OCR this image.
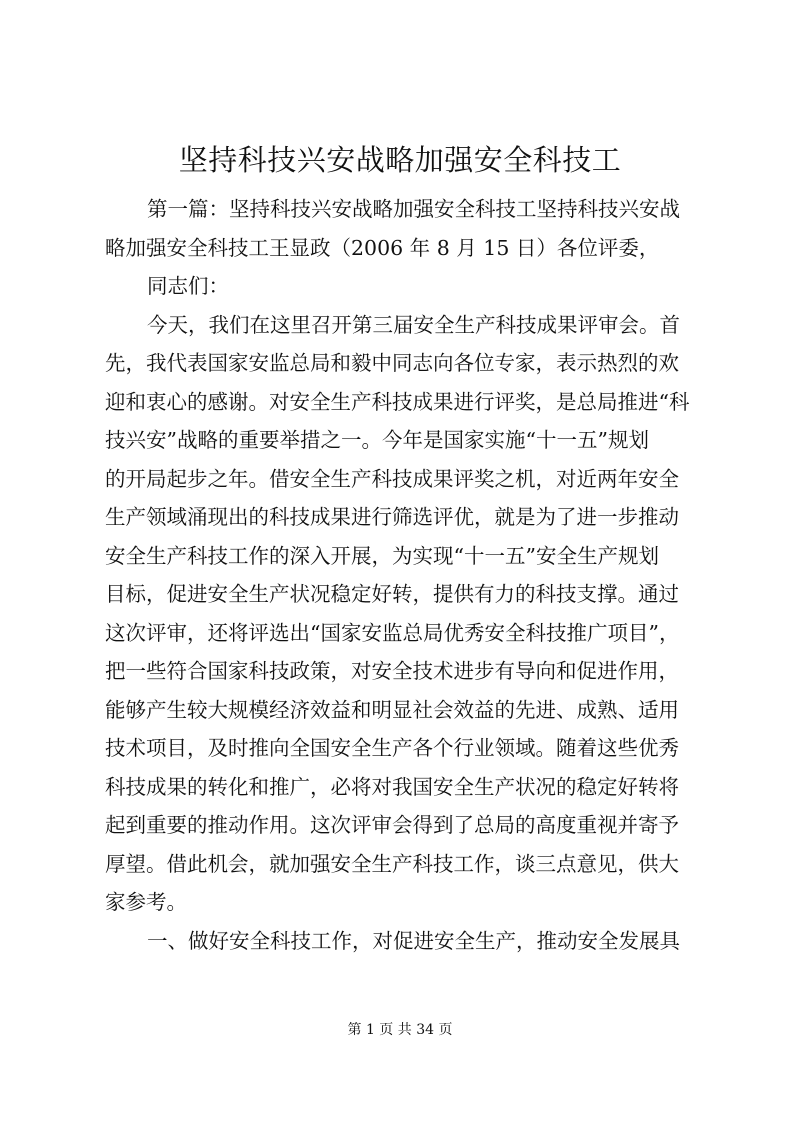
坚持科技兴安战略加强安全科技工
第一篇：坚持科技兴安战略加强安全科技工坚持科技兴安战
略加强安全科技工王显政（2006 年 8 月 15 日）各位评委，
同志们：
今天，我们在这里召开第三届安全生产科技成果评审会。首
先，我代表国家安监总局和毅中同志向各位专家，表示热烈的欢
迎和衷心的感谢。对安全生产科技成果进行评奖，是总局推进“科
技兴安”战略的重要举措之一。今年是国家实施“十一五”规划
的开局起步之年。借安全生产科技成果评奖之机，对近两年安全
生产领域涌现出的科技成果进行筛选评优，就是为了进一步推动
安全生产科技工作的深入开展，为实现“十一五”安全生产规划
目标，促进安全生产状况稳定好转，提供有力的科技支撑。通过
这次评审，还将评选出“国家安监总局优秀安全科技推广项目”，
把一些符合国家科技政策，对安全技术进步有导向和促进作用，
能够产生较大规模经济效益和明显社会效益的先进、成熟、适用
技术项目，及时推向全国安全生产各个行业领域。随着这些优秀
科技成果的转化和推广，必将对我国安全生产状况的稳定好转将
起到重要的推动作用。这次评审会得到了总局的高度重视并寄予
厚望。借此机会，就加强安全生产科技工作，谈三点意见，供大
家参考。
一、做好安全科技工作，对促进安全生产，推动安全发展具
第 1 页 共 34 页
